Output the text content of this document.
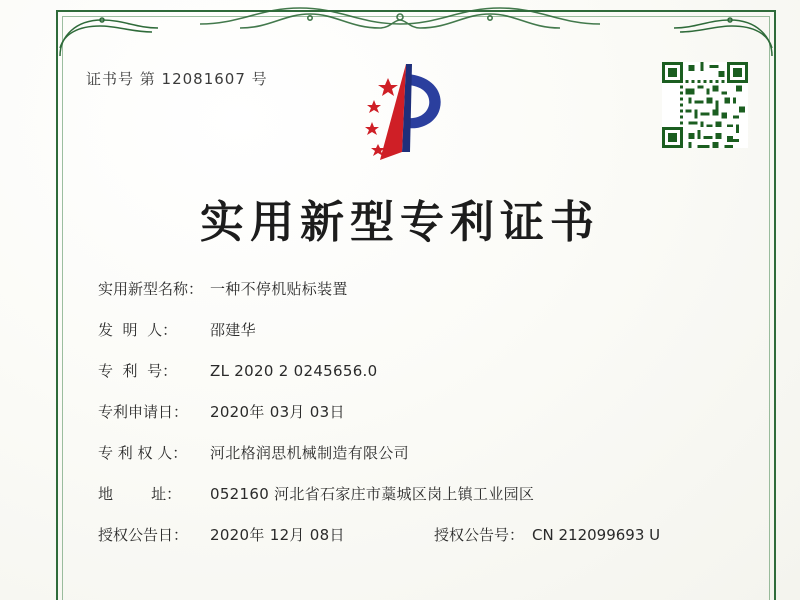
证书号 第 12081607 号
实用新型专利证书
实用新型名称： 一种不停机贴标装置
发  明  人：	邵建华
专  利  号：	ZL 2020 2 0245656.0
专利申请日：	2020年 03月 03日
专 利 权 人：	河北格润思机械制造有限公司
地        址：	052160 河北省石家庄市藁城区岗上镇工业园区
授权公告日：	2020年 12月 08日	授权公告号： CN 212099693 U
